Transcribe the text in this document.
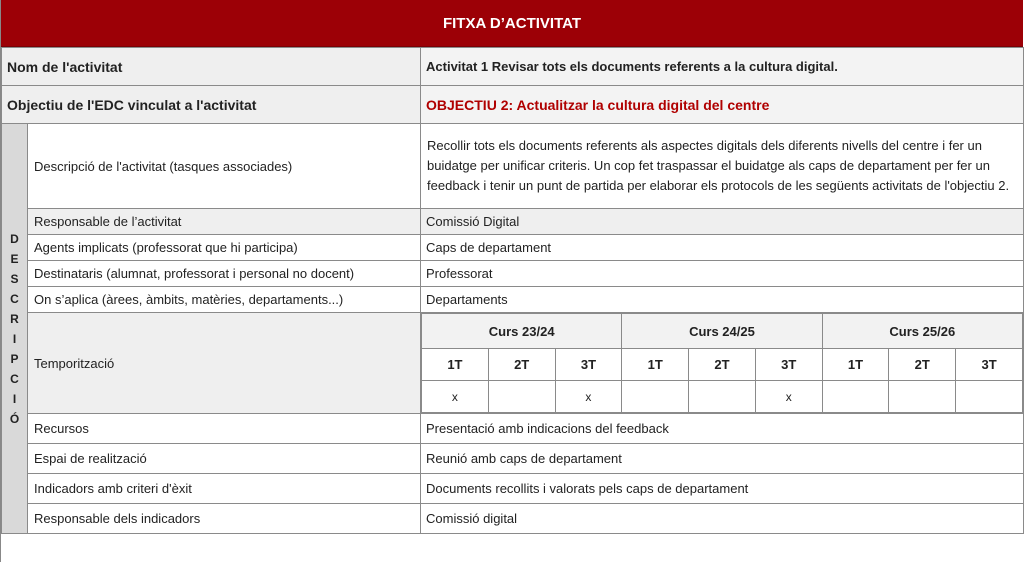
FITXA D’ACTIVITAT
Nom de l'activitat	Activitat 1 Revisar tots els documents referents a la cultura digital.
Objectiu de l'EDC vinculat a l'activitat	OBJECTIU 2: Actualitzar la cultura digital del centre

D
E
S
C
R
I
P
C
I
Ó
	Descripció de l'activitat (tasques associades)	Recollir tots els documents referents als aspectes digitals dels diferents nivells del centre i fer un buidatge per unificar criteris. Un cop fet traspassar el buidatge als caps de departament per fer un feedback i tenir un punt de partida per elaborar els protocols de les següents activitats de l'objectiu 2.
Responsable de l’activitat	Comissió Digital
Agents implicats (professorat que hi participa)	Caps de departament
Destinataris (alumnat, professorat i personal no docent)	Professorat
On s’aplica (àrees, àmbits, matèries, departaments...)	Departaments
Temporització	
Curs 23/24	Curs 24/25	Curs 25/26
1T	2T	3T	1T	2T	3T	1T	2T	3T
x		x			x			

Recursos	Presentació amb indicacions del feedback
Espai de realització	Reunió amb caps de departament
Indicadors amb criteri d'èxit	Documents recollits i valorats pels caps de departament
Responsable dels indicadors	Comissió digital
